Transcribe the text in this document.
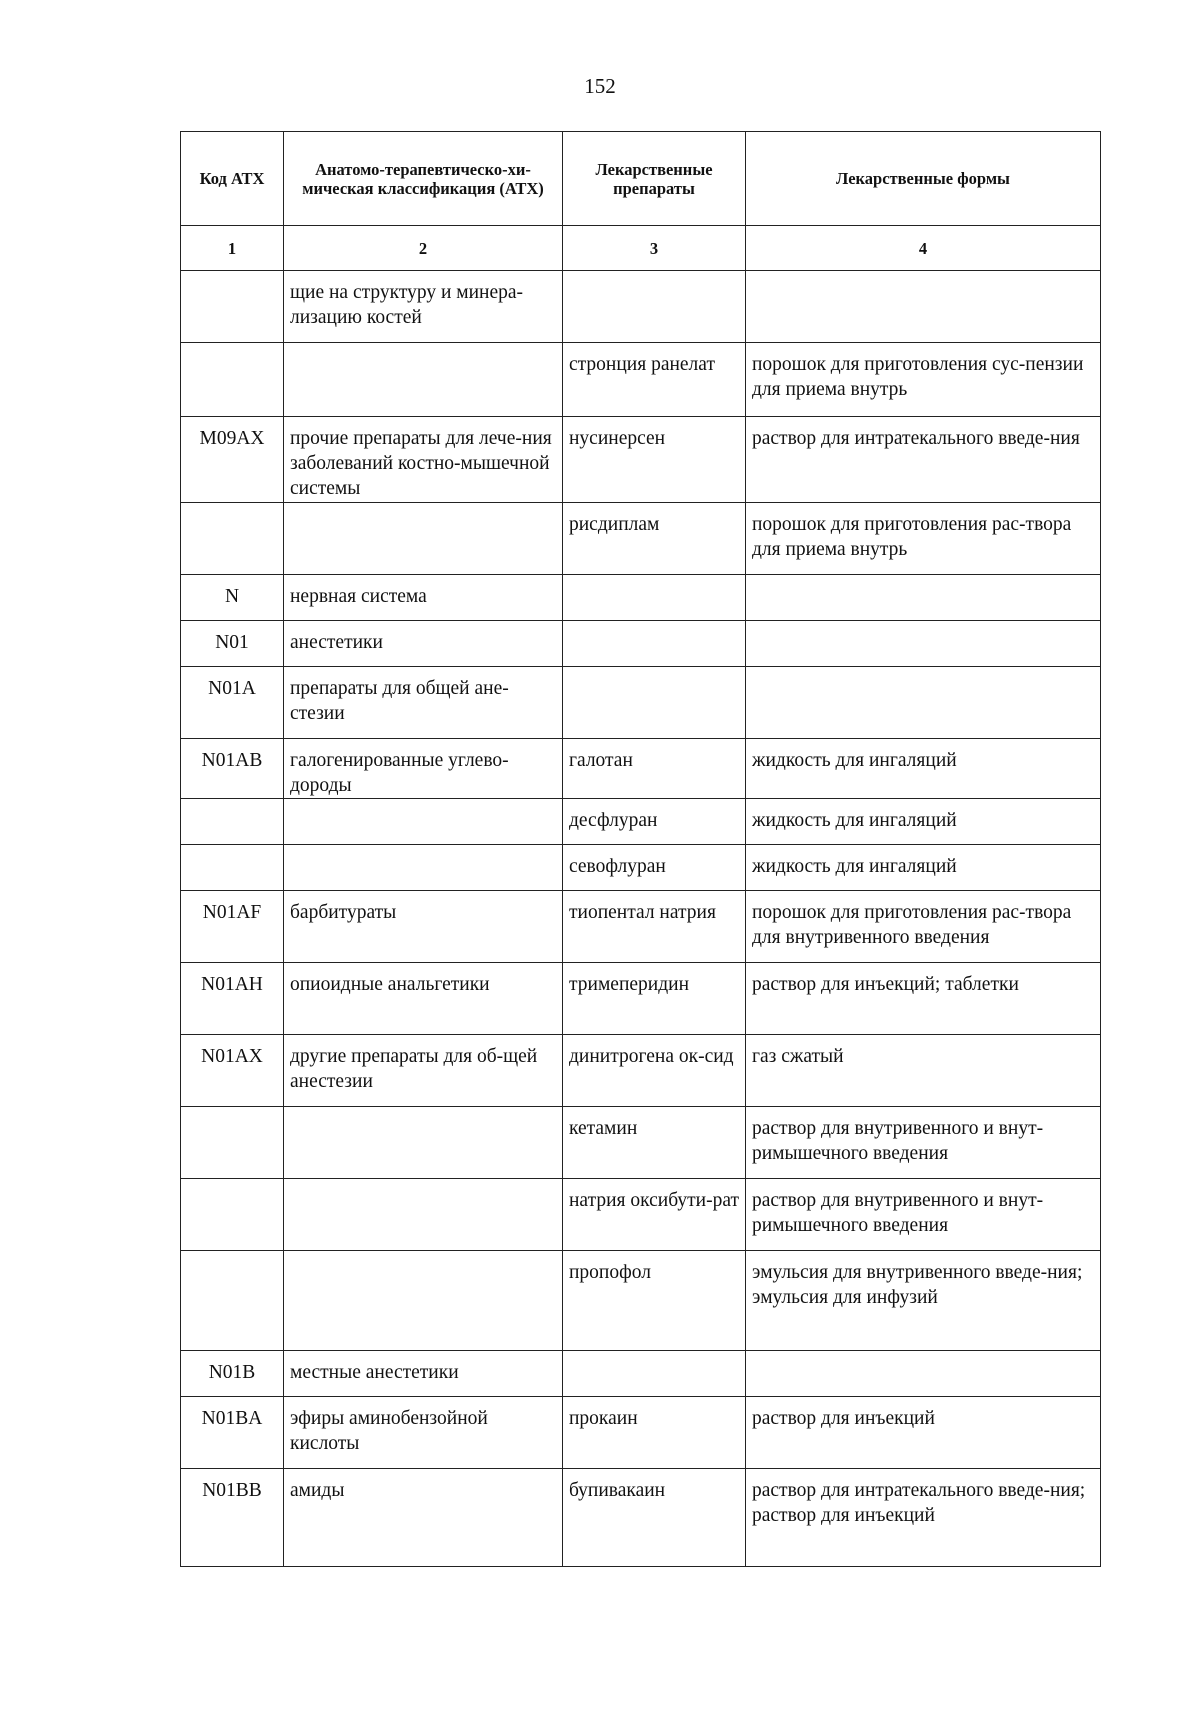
152
Код АТХ	Анатомо-терапевтическо-хи-мическая классификация (АТХ)	Лекарственные препараты	Лекарственные формы
1	2	3	4

	щие на структуру и минера-лизацию костей		

		стронция ранелат	порошок для приготовления сус-пензии для приема внутрь

M09AX	прочие препараты для лече-ния заболеваний костно-мышечной системы	нусинерсен	раствор для интратекального введе-ния

		рисдиплам	порошок для приготовления рас-твора для приема внутрь

N	нервная система		

N01	анестетики		

N01A	препараты для общей ане-стезии		

N01AB	галогенированные углево-дороды	галотан	жидкость для ингаляций

		десфлуран	жидкость для ингаляций

		севофлуран	жидкость для ингаляций

N01AF	барбитураты	тиопентал натрия	порошок для приготовления рас-твора для внутривенного введения

N01AH	опиоидные анальгетики	тримеперидин	раствор для инъекций; таблетки

N01AX	другие препараты для об-щей анестезии	динитрогена ок-сид	газ сжатый

		кетамин	раствор для внутривенного и внут-римышечного введения

		натрия оксибути-рат	раствор для внутривенного и внут-римышечного введения

		пропофол	эмульсия для внутривенного введе-ния; эмульсия для инфузий

N01B	местные анестетики		

N01BA	эфиры аминобензойной кислоты	прокаин	раствор для инъекций

N01BB	амиды	бупивакаин	раствор для интратекального введе-ния; раствор для инъекций
